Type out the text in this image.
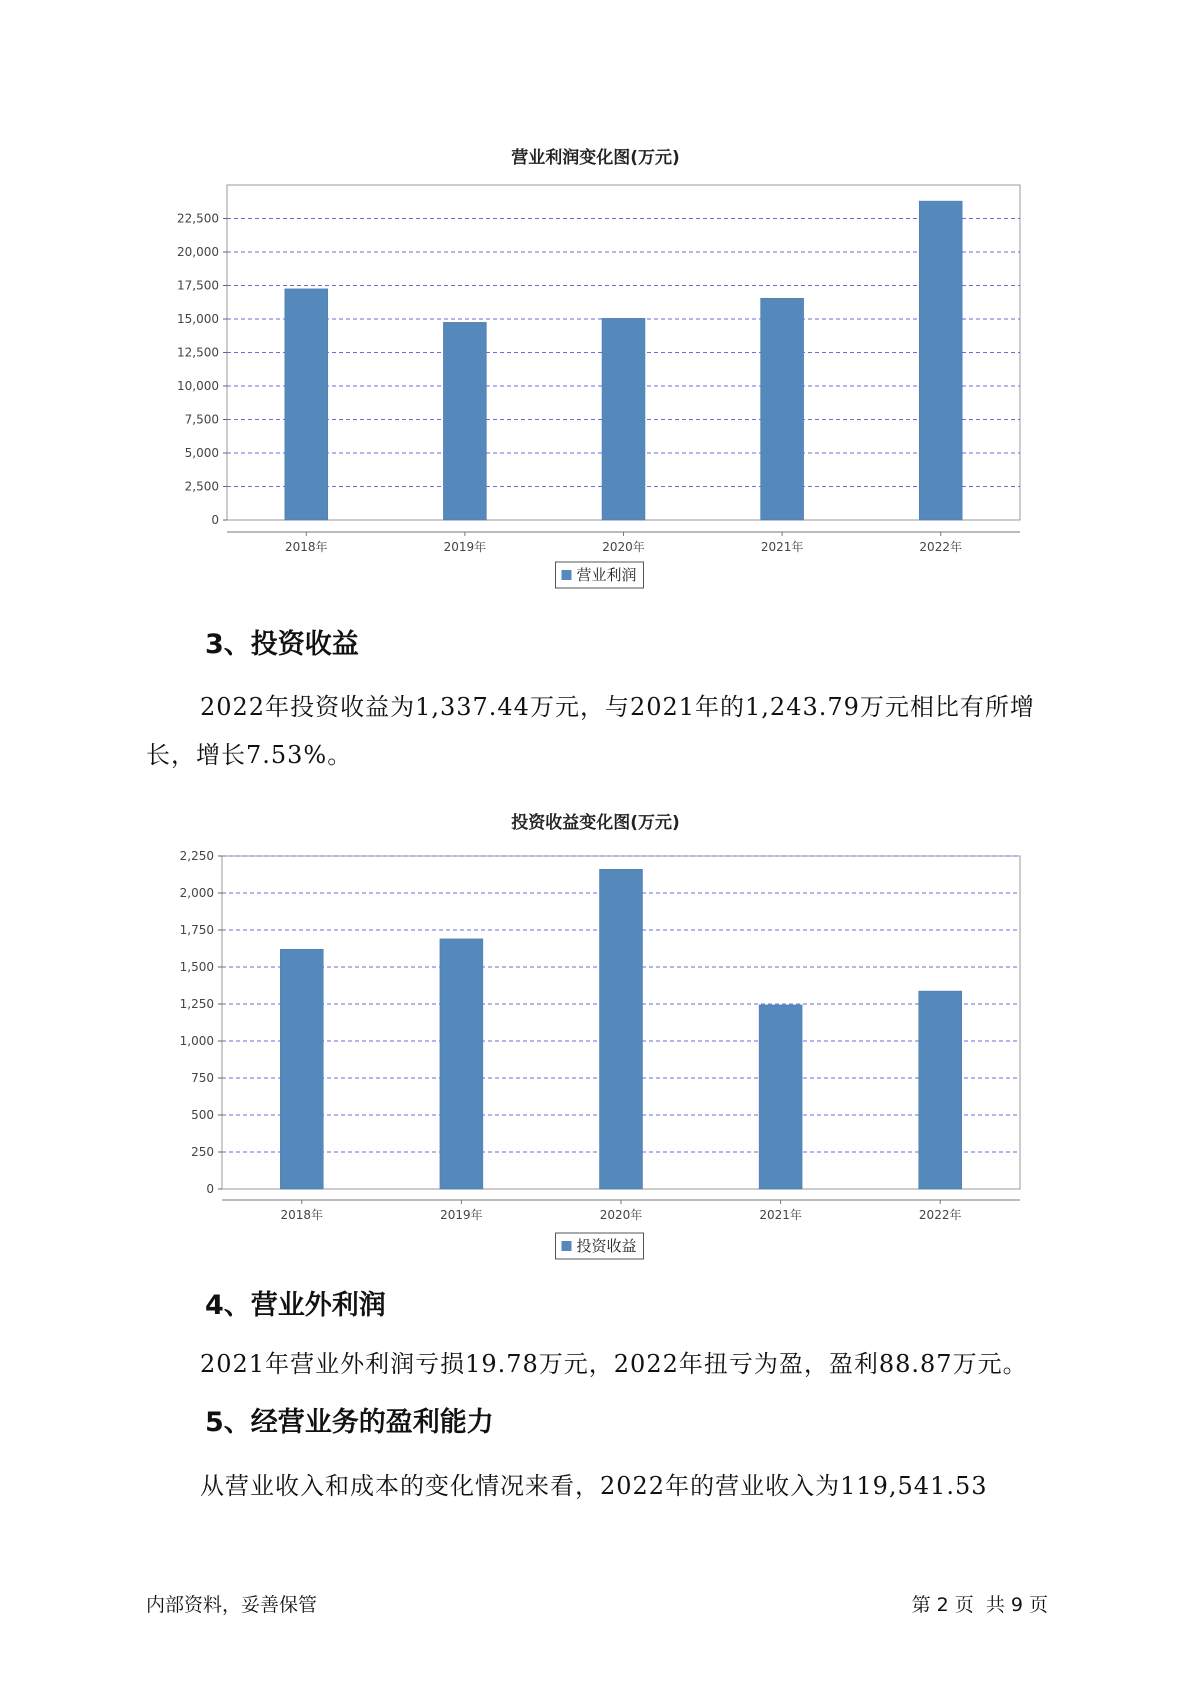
营业利润变化图(万元)
0
2,500
5,000
7,500
10,000
12,500
15,000
17,500
20,000
22,500
2018年	2019年	2020年	2021年	2022年
营业利润
3、投资收益
2022年投资收益为1,337.44万元，与2021年的1,243.79万元相比有所增长，增长7.53%。
投资收益变化图(万元)
0
250
500
750
1,000
1,250
1,500
1,750
2,000
2,250
2018年	2019年	2020年	2021年	2022年
投资收益
4、营业外利润
2021年营业外利润亏损19.78万元，2022年扭亏为盈，盈利88.87万元。
5、经营业务的盈利能力
从营业收入和成本的变化情况来看，2022年的营业收入为119,541.53
内部资料，妥善保管	第 2 页  共 9 页
